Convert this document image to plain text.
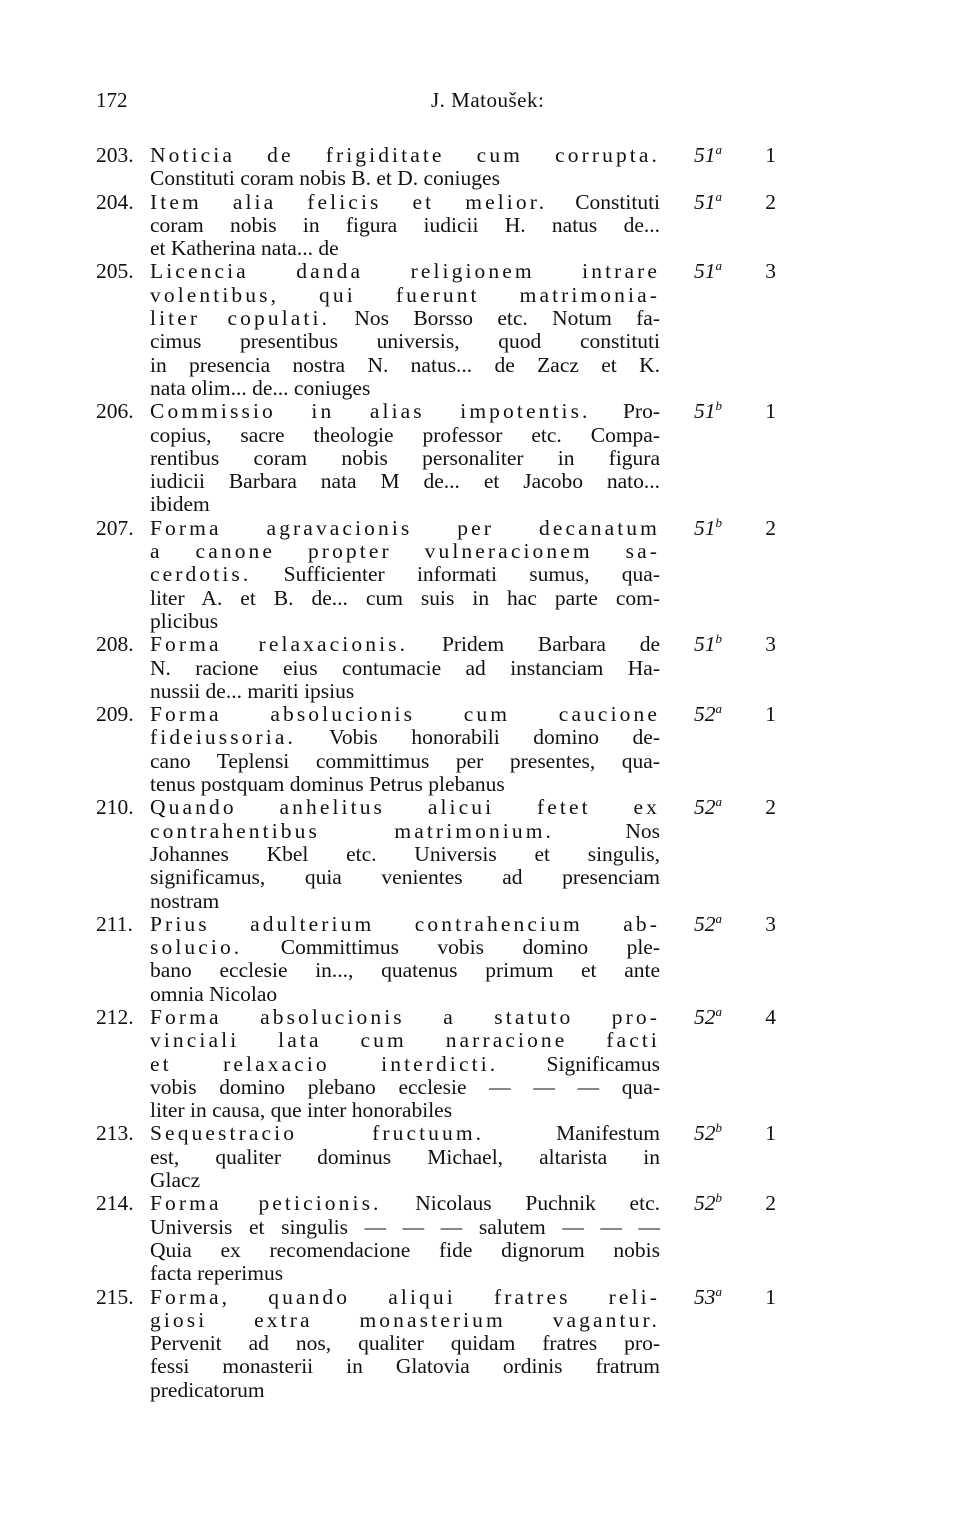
172	J. Matoušek:
203. Noticia de frigiditate cum corrupta.
Constituti coram nobis B. et D. coniuges
51$^a$	1
204. Item alia felicis et melior. Constituti
coram nobis in figura iudicii H. natus de...
et Katherina nata... de
51$^a$	2
205. Licencia danda religionem intrare
volentibus, qui fuerunt matrimonia-
liter copulati. Nos Borsso etc. Notum fa-
cimus presentibus universis, quod constituti
in presencia nostra N. natus... de Zacz et K.
nata olim... de... coniuges
51$^a$	3
206. Commissio in alias impotentis. Pro-
copius, sacre theologie professor etc. Compa-
rentibus coram nobis personaliter in figura
iudicii Barbara nata M de... et Jacobo nato...
ibidem
51$^b$	1
207. Forma agravacionis per decanatum
a canone propter vulneracionem sa-
cerdotis. Sufficienter informati sumus, qua-
liter A. et B. de... cum suis in hac parte com-
plicibus
51$^b$	2
208. Forma relaxacionis. Pridem Barbara de
N. racione eius contumacie ad instanciam Ha-
nussii de... mariti ipsius
51$^b$	3
209. Forma absolucionis cum caucione
fideiussoria. Vobis honorabili domino de-
cano Teplensi committimus per presentes, qua-
tenus postquam dominus Petrus plebanus
52$^a$	1
210. Quando anhelitus alicui fetet ex
contrahentibus matrimonium.	Nos
Johannes Kbel etc. Universis et singulis,
significamus, quia venientes ad presenciam
nostram
52$^a$	2
211. Prius adulterium contrahencium ab-
solucio. Committimus vobis domino ple-
bano ecclesie in..., quatenus primum et ante
omnia Nicolao
52$^a$	3
212. Forma absolucionis a statuto pro-
vinciali lata cum narracione facti
et relaxacio interdicti. Significamus
vobis domino plebano ecclesie — — — qua-
liter in causa, que inter honorabiles
52$^a$	4
213. Sequestracio fructuum.	Manifestum
est, qualiter dominus Michael, altarista in
Glacz
52$^b$	1
214. Forma peticionis. Nicolaus Puchnik etc.
Universis et singulis — — — salutem — — —
Quia ex recomendacione fide dignorum nobis
facta reperimus
52$^b$	2
215. Forma, quando aliqui fratres reli-
giosi extra monasterium vagantur.
Pervenit ad nos, qualiter quidam fratres pro-
fessi monasterii in Glatovia ordinis fratrum
predicatorum
53$^a$	1
